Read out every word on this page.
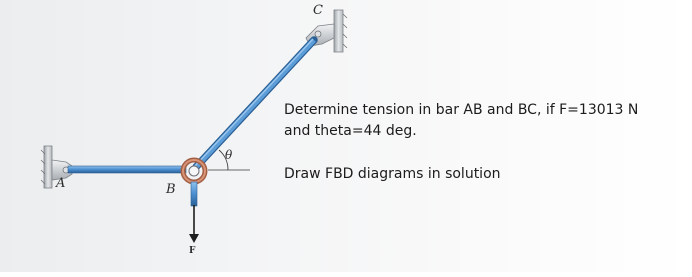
A	B
C
θ
F

Determine tension in bar AB and BC, if F=13013 N

and theta=44 deg.

Draw FBD diagrams in solution
